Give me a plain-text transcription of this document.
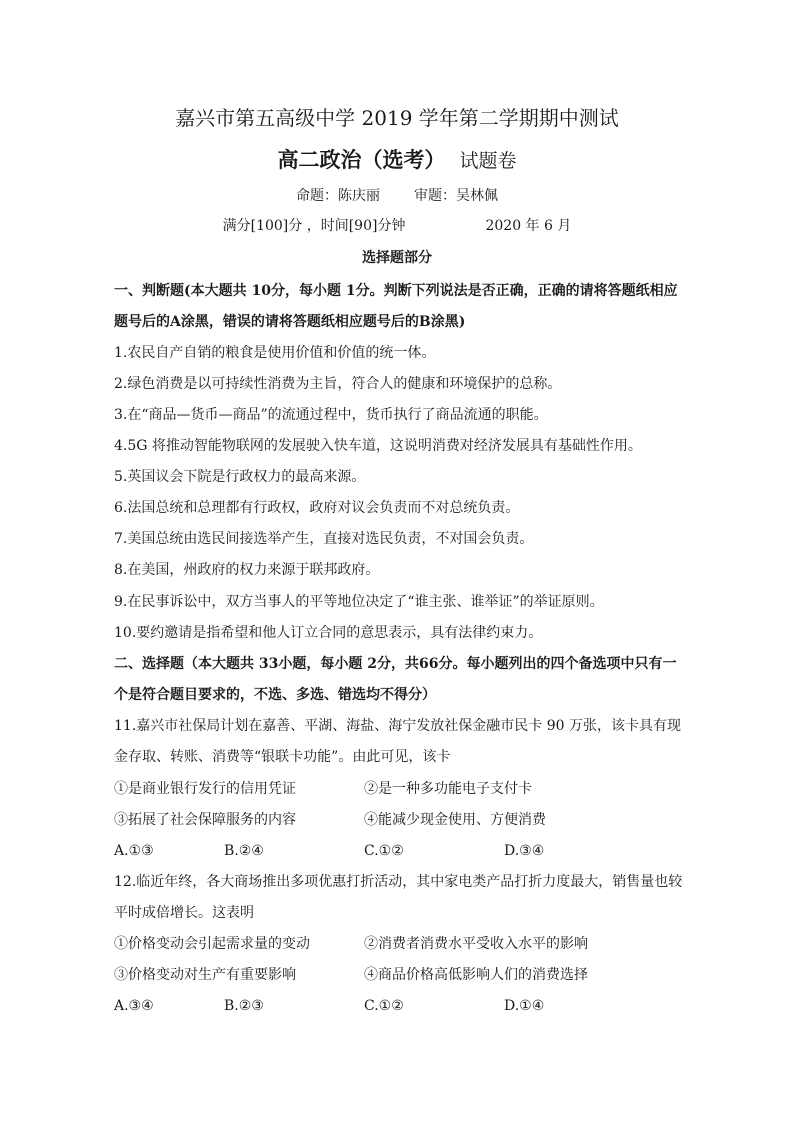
嘉兴市第五高级中学 2019 学年第二学期期中测试
高二政治（选考） 试题卷
命题：陈庆丽 审题：吴林佩
满分[100]分 ，时间[90]分钟	2020 年 6 月
选择题部分
一、判断题(本大题共 10分，每小题 1分。判断下列说法是否正确，正确的请将答题纸相应
题号后的A涂黑，错误的请将答题纸相应题号后的B涂黑)
1.农民自产自销的粮食是使用价值和价值的统一体。
2.绿色消费是以可持续性消费为主旨，符合人的健康和环境保护的总称。
3.在“商品—货币—商品”的流通过程中，货币执行了商品流通的职能。
4.5G 将推动智能物联网的发展驶入快车道，这说明消费对经济发展具有基础性作用。
5.英国议会下院是行政权力的最高来源。
6.法国总统和总理都有行政权，政府对议会负责而不对总统负责。
7.美国总统由选民间接选举产生，直接对选民负责，不对国会负责。
8.在美国，州政府的权力来源于联邦政府。
9.在民事诉讼中，双方当事人的平等地位决定了“谁主张、谁举证”的举证原则。
10.要约邀请是指希望和他人订立合同的意思表示，具有法律约束力。
二、选择题（本大题共 33小题，每小题 2分，共66分。每小题列出的四个备选项中只有一
个是符合题目要求的，不选、多选、错选均不得分）
11.嘉兴市社保局计划在嘉善、平湖、海盐、海宁发放社保金融市民卡 90 万张，该卡具有现
金存取、转账、消费等“银联卡功能”。由此可见，该卡
①是商业银行发行的信用凭证	②是一种多功能电子支付卡
③拓展了社会保障服务的内容	④能减少现金使用、方便消费
A.①③	B.②④	C.①②	D.③④
12.临近年终，各大商场推出多项优惠打折活动，其中家电类产品打折力度最大，销售量也较
平时成倍增长。这表明
①价格变动会引起需求量的变动	②消费者消费水平受收入水平的影响
③价格变动对生产有重要影响	④商品价格高低影响人们的消费选择
A.③④	B.②③	C.①②	D.①④
